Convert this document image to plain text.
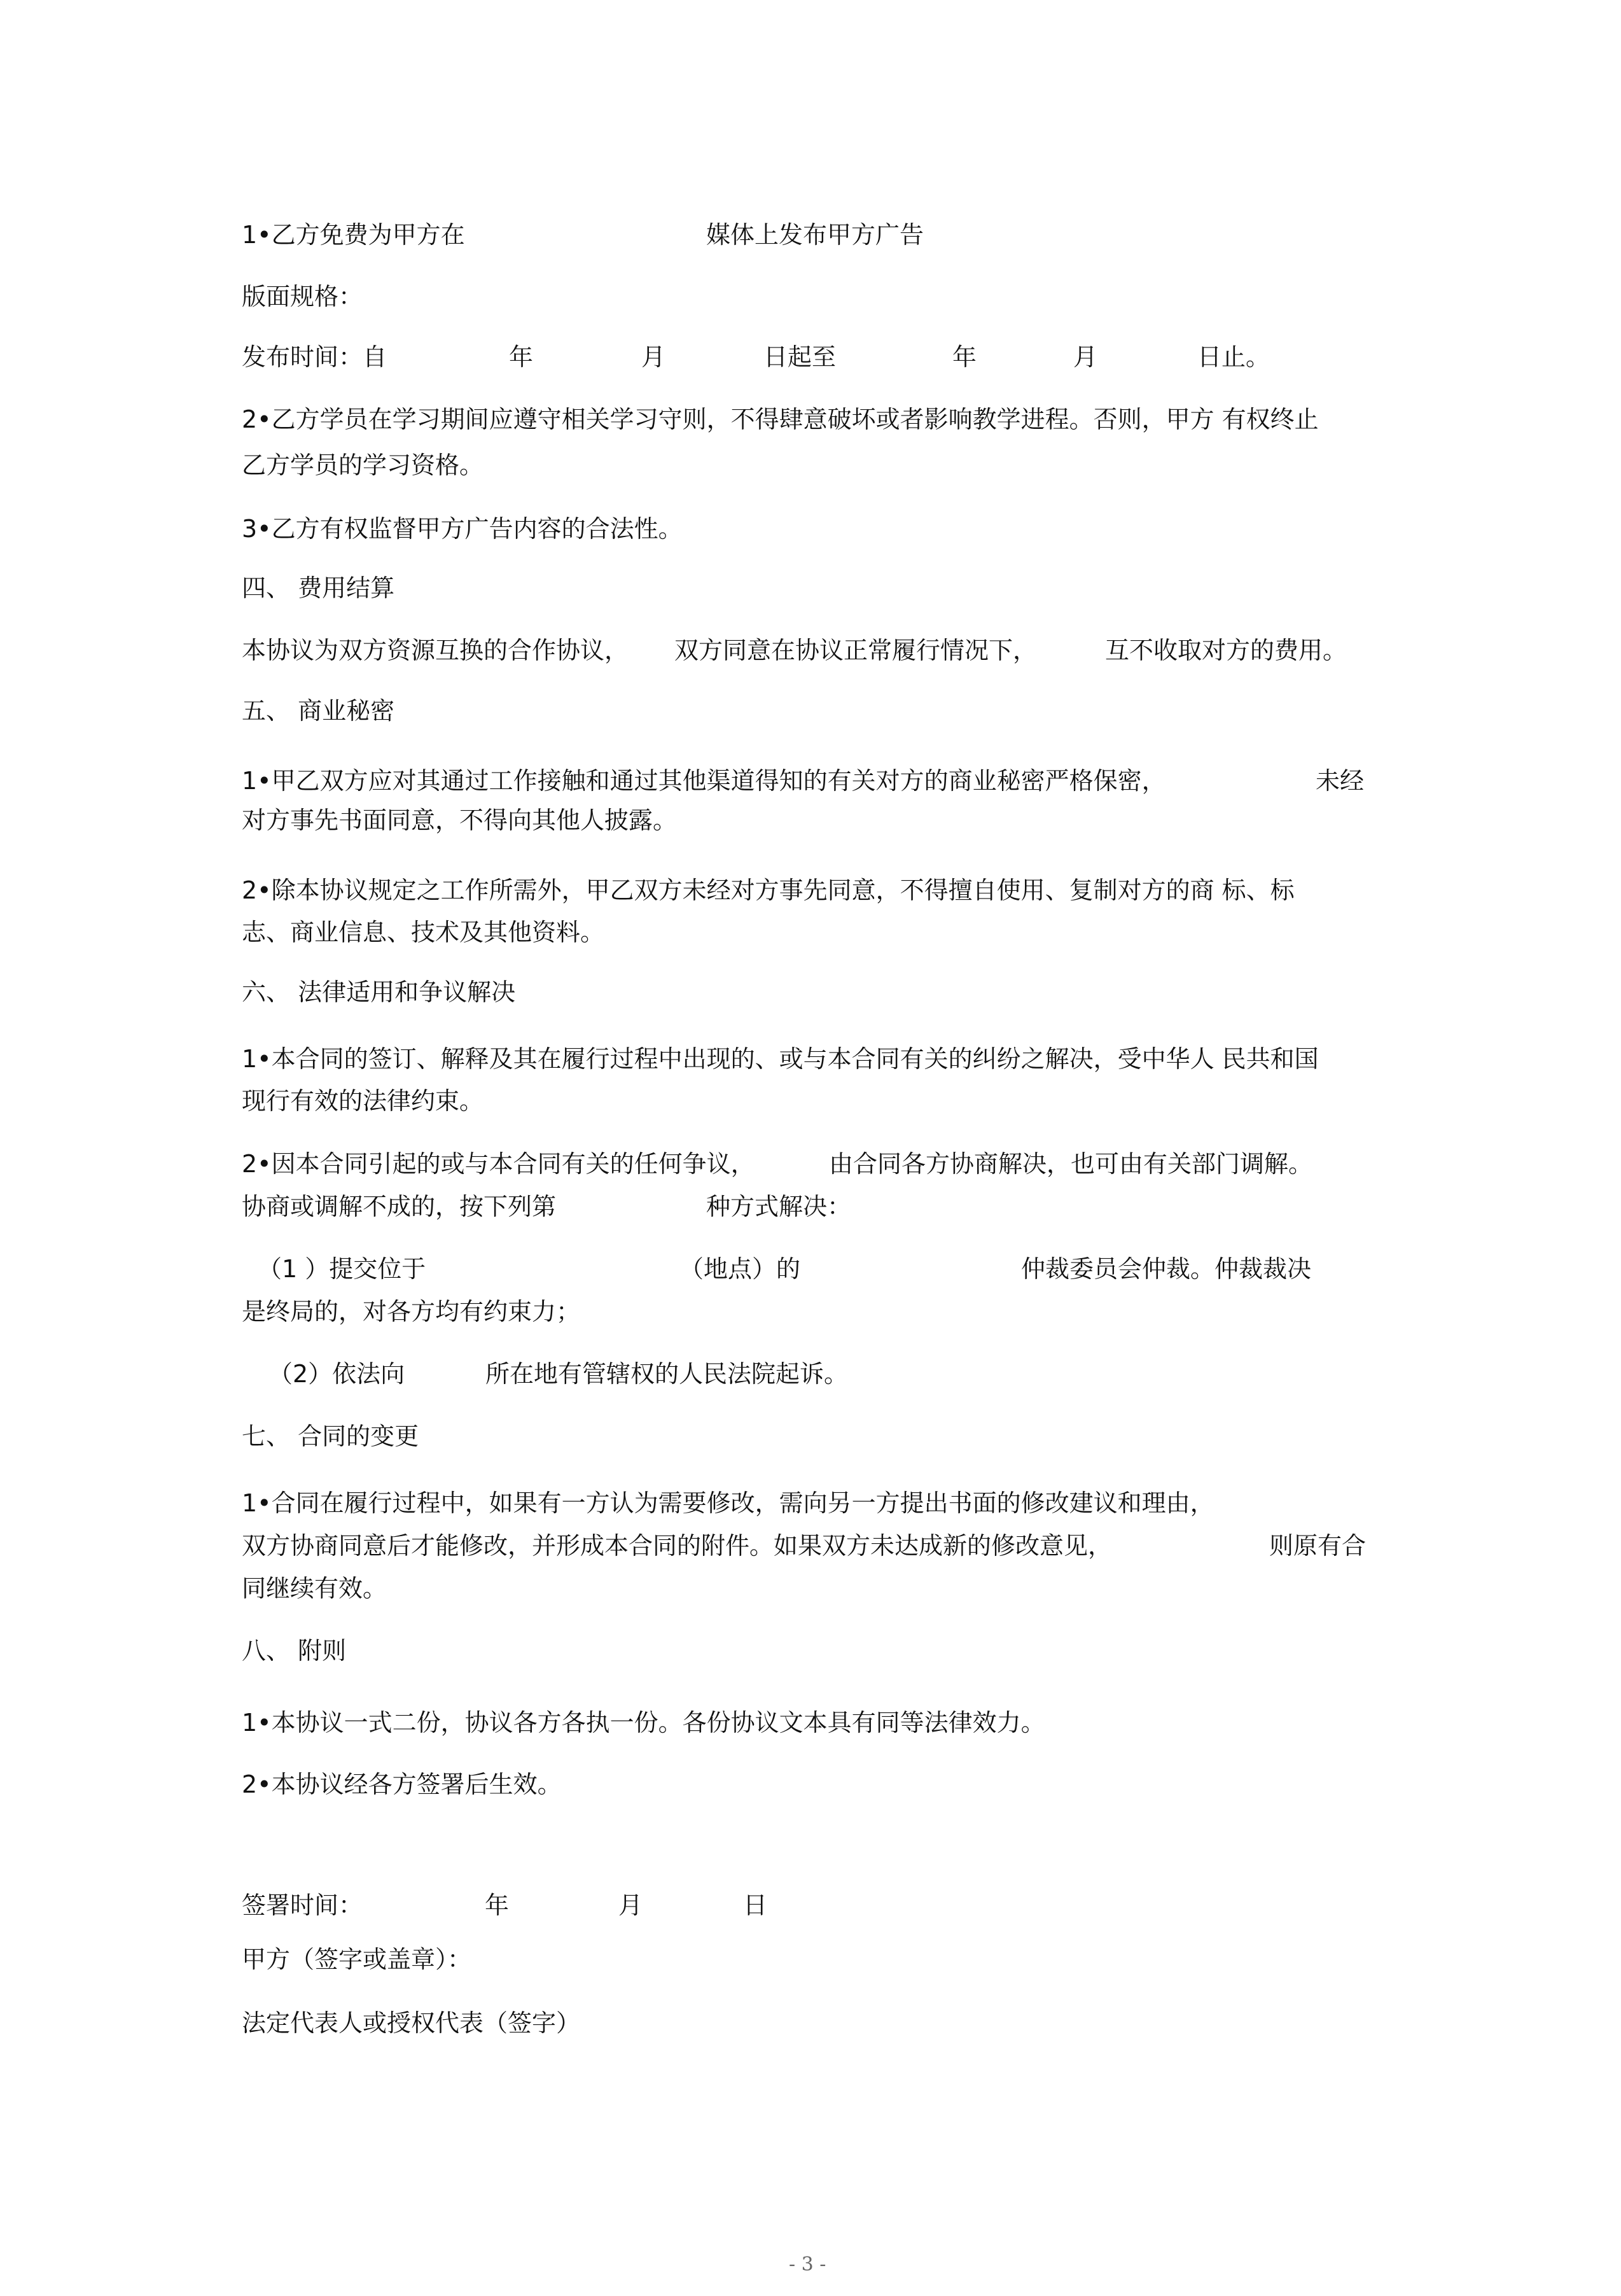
1•乙方免费为甲方在	媒体上发布甲方广告
版面规格：
发布时间：自	年	月	日起至	年	月	日止。
2•乙方学员在学习期间应遵守相关学习守则，不得肆意破坏或者影响教学进程。否则，甲方 有权终止
乙方学员的学习资格。
3•乙方有权监督甲方广告内容的合法性。
四、 费用结算
本协议为双方资源互换的合作协议， 双方同意在协议正常履行情况下，	互不收取对方的费用。
五、 商业秘密
1•甲乙双方应对其通过工作接触和通过其他渠道得知的有关对方的商业秘密严格保密，	未经
对方事先书面同意，不得向其他人披露。
2•除本协议规定之工作所需外，甲乙双方未经对方事先同意，不得擅自使用、复制对方的商 标、标
志、商业信息、技术及其他资料。
六、 法律适用和争议解决
1•本合同的签订、解释及其在履行过程中出现的、或与本合同有关的纠纷之解决，受中华人 民共和国
现行有效的法律约束。
2•因本合同引起的或与本合同有关的任何争议，	由合同各方协商解决，也可由有关部门调解。
协商或调解不成的，按下列第	种方式解决：
（1 ）提交位于	（地点）的	仲裁委员会仲裁。仲裁裁决
是终局的，对各方均有约束力；
（2）依法向	所在地有管辖权的人民法院起诉。
七、 合同的变更
1•合同在履行过程中，如果有一方认为需要修改，需向另一方提出书面的修改建议和理由，
双方协商同意后才能修改，并形成本合同的附件。如果双方未达成新的修改意见，	则原有合
同继续有效。
八、 附则
1•本协议一式二份，协议各方各执一份。各份协议文本具有同等法律效力。
2•本协议经各方签署后生效。
签署时间：	年	月	日
甲方（签字或盖章）：
法定代表人或授权代表（签字）
- 3 -
